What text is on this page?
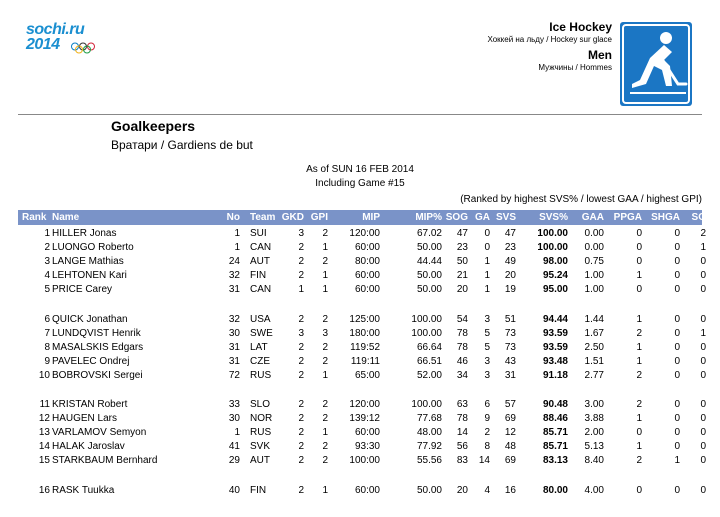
sochi.ru
2014
Ice Hockey
Хоккей на льду / Hockey sur glace
Men
Мужчины / Hommes
Goalkeepers
Вратари / Gardiens de but
As of SUN 16 FEB 2014
Including Game #15
(Ranked by highest SVS% / lowest GAA / highest GPI)
Rank Name	No Team GKD GPI	MIP	MIP% SOG GA SVS	SVS%	GAA PPGA SHGA	SO
1 HILLER Jonas	1 SUI	3	2	120:00	67.02	47	0	47	100.00	0.00	0	0	2
2 LUONGO Roberto	1 CAN	2	1	60:00	50.00	23	0	23	100.00	0.00	0	0	1
3 LANGE Mathias	24 AUT	2	2	80:00	44.44	50	1	49	98.00	0.75	0	0	0
4 LEHTONEN Kari	32 FIN	2	1	60:00	50.00	21	1	20	95.24	1.00	1	0	0
5 PRICE Carey	31 CAN	1	1	60:00	50.00	20	1	19	95.00	1.00	0	0	0
6 QUICK Jonathan	32 USA	2	2	125:00	100.00	54	3	51	94.44	1.44	1	0	0
7 LUNDQVIST Henrik	30 SWE	3	3	180:00	100.00	78	5	73	93.59	1.67	2	0	1
8 MASALSKIS Edgars	31 LAT	2	2	119:52	66.64	78	5	73	93.59	2.50	1	0	0
9 PAVELEC Ondrej	31 CZE	2	2	119:11	66.51	46	3	43	93.48	1.51	1	0	0
10 BOBROVSKI Sergei	72 RUS	2	1	65:00	52.00	34	3	31	91.18	2.77	2	0	0
11 KRISTAN Robert	33 SLO	2	2	120:00	100.00	63	6	57	90.48	3.00	2	0	0
12 HAUGEN Lars	30 NOR	2	2	139:12	77.68	78	9	69	88.46	3.88	1	0	0
13 VARLAMOV Semyon	1 RUS	2	1	60:00	48.00	14	2	12	85.71	2.00	0	0	0
14 HALAK Jaroslav	41 SVK	2	2	93:30	77.92	56	8	48	85.71	5.13	1	0	0
15 STARKBAUM Bernhard	29 AUT	2	2	100:00	55.56	83	14	69	83.13	8.40	2	1	0
16 RASK Tuukka	40 FIN	2	1	60:00	50.00	20	4	16	80.00	4.00	0	0	0
